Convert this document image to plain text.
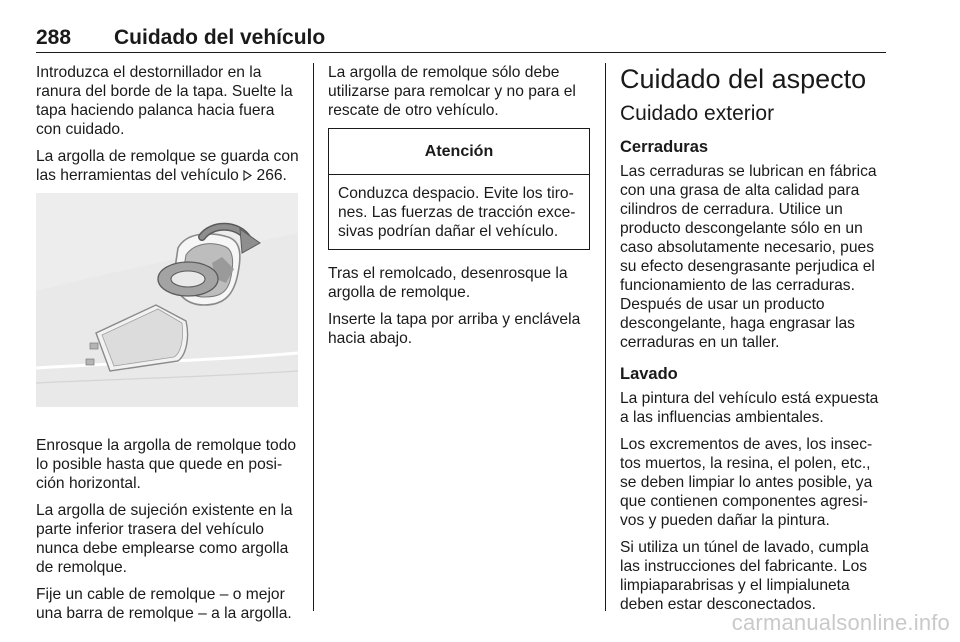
288 Cuidado del vehículo

Introduzca el destornillador en la ranura del borde de la tapa. Suelte la tapa haciendo palanca hacia fuera con cuidado.

La argolla de remolque se guarda con las herramientas del vehículo  266.

Enrosque la argolla de remolque todo lo posible hasta que quede en posi-ción horizontal.

La argolla de sujeción existente en la parte inferior trasera del vehículo nunca debe emplearse como argolla de remolque.

Fije un cable de remolque – o mejor una barra de remolque – a la argolla.

La argolla de remolque sólo debe utilizarse para remolcar y no para el rescate de otro vehículo.

Atención
Conduzca despacio. Evite los tiro-nes. Las fuerzas de tracción exce-sivas podrían dañar el vehículo.

Tras el remolcado, desenrosque la argolla de remolque.

Inserte la tapa por arriba y enclávela hacia abajo.

Cuidado del aspecto
Cuidado exterior
Cerraduras

Las cerraduras se lubrican en fábrica con una grasa de alta calidad para cilindros de cerradura. Utilice un producto descongelante sólo en un caso absolutamente necesario, pues su efecto desengrasante perjudica el funcionamiento de las cerraduras. Después de usar un producto descongelante, haga engrasar las cerraduras en un taller.

Lavado

La pintura del vehículo está expuesta a las influencias ambientales.

Los excrementos de aves, los insec-tos muertos, la resina, el polen, etc., se deben limpiar lo antes posible, ya que contienen componentes agresi-vos y pueden dañar la pintura.

Si utiliza un túnel de lavado, cumpla las instrucciones del fabricante. Los limpiaparabrisas y el limpialuneta deben estar desconectados.

carmanualsonline.info
